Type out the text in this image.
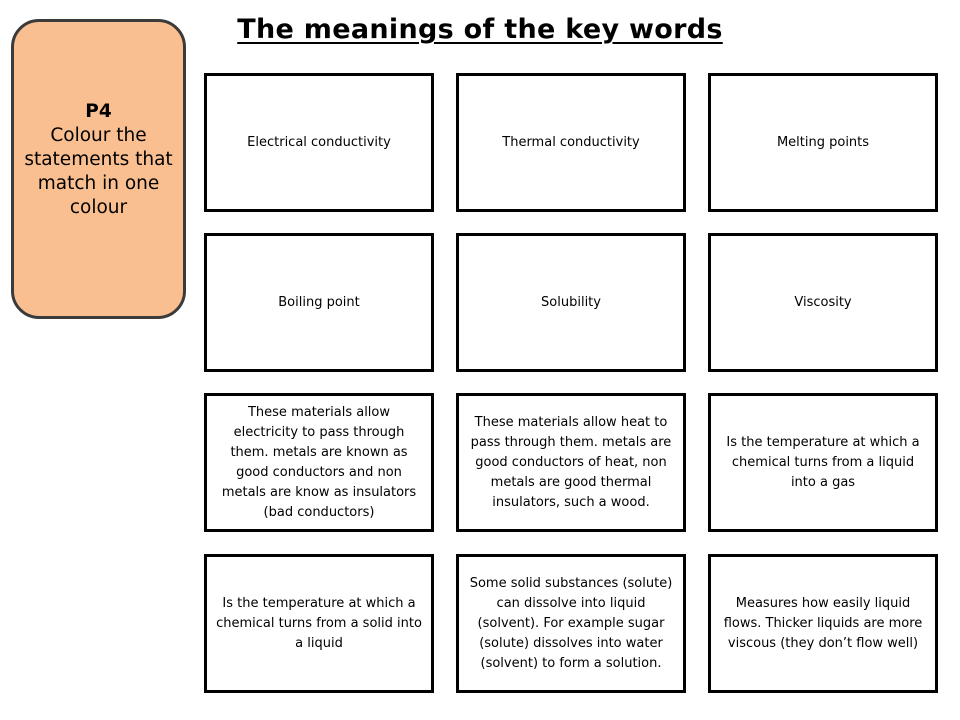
The meanings of the key words
P4
Colour the statements that match in one colour
Electrical conductivity	Thermal conductivity	Melting points
Boiling point	Solubility	Viscosity
These materials allow electricity to pass through them. metals are known as good conductors and non metals are know as insulators (bad conductors)
These materials allow heat to pass through them. metals are good conductors of heat, non metals are good thermal insulators, such a wood.
Is the temperature at which a chemical turns from a liquid into a gas
Is the temperature at which a chemical turns from a solid into a liquid
Some solid substances (solute) can dissolve into liquid (solvent). For example sugar (solute) dissolves into water (solvent) to form a solution.
Measures how easily liquid flows. Thicker liquids are more viscous (they don’t flow well)
